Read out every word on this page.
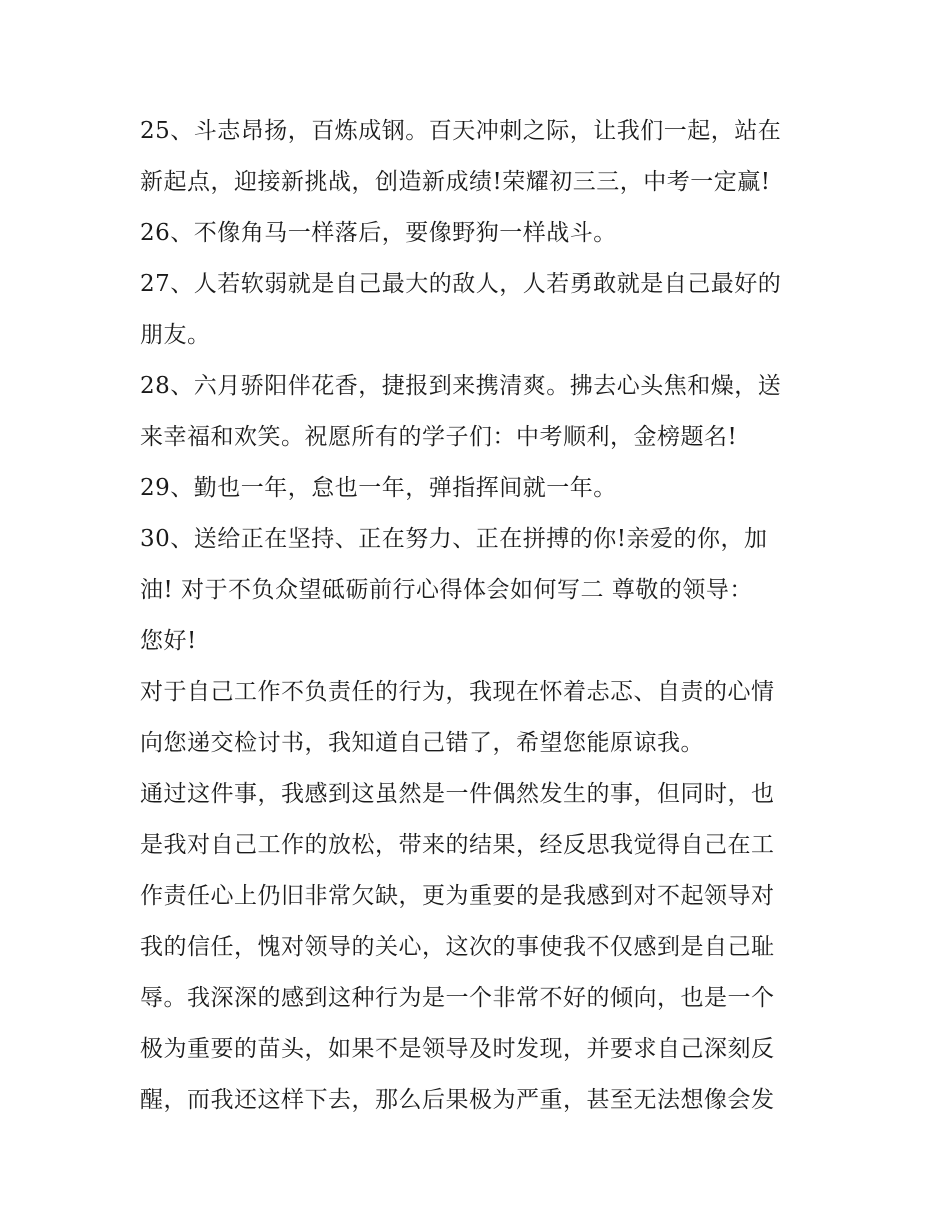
25、斗志昂扬，百炼成钢。百天冲刺之际，让我们一起，站在
新起点，迎接新挑战，创造新成绩!荣耀初三三，中考一定赢!
26、不像角马一样落后，要像野狗一样战斗。
27、人若软弱就是自己最大的敌人，人若勇敢就是自己最好的
朋友。
28、六月骄阳伴花香，捷报到来携清爽。拂去心头焦和燥，送
来幸福和欢笑。祝愿所有的学子们：中考顺利，金榜题名!
29、勤也一年，怠也一年，弹指挥间就一年。
30、送给正在坚持、正在努力、正在拼搏的你!亲爱的你，加
油! 对于不负众望砥砺前行心得体会如何写二 尊敬的领导：
您好!
对于自己工作不负责任的行为，我现在怀着忐忑、自责的心情
向您递交检讨书，我知道自己错了，希望您能原谅我。
通过这件事，我感到这虽然是一件偶然发生的事，但同时，也
是我对自己工作的放松，带来的结果，经反思我觉得自己在工
作责任心上仍旧非常欠缺，更为重要的是我感到对不起领导对
我的信任，愧对领导的关心，这次的事使我不仅感到是自己耻
辱。我深深的感到这种行为是一个非常不好的倾向，也是一个
极为重要的苗头，如果不是领导及时发现，并要求自己深刻反
醒，而我还这样下去，那么后果极为严重，甚至无法想像会发
